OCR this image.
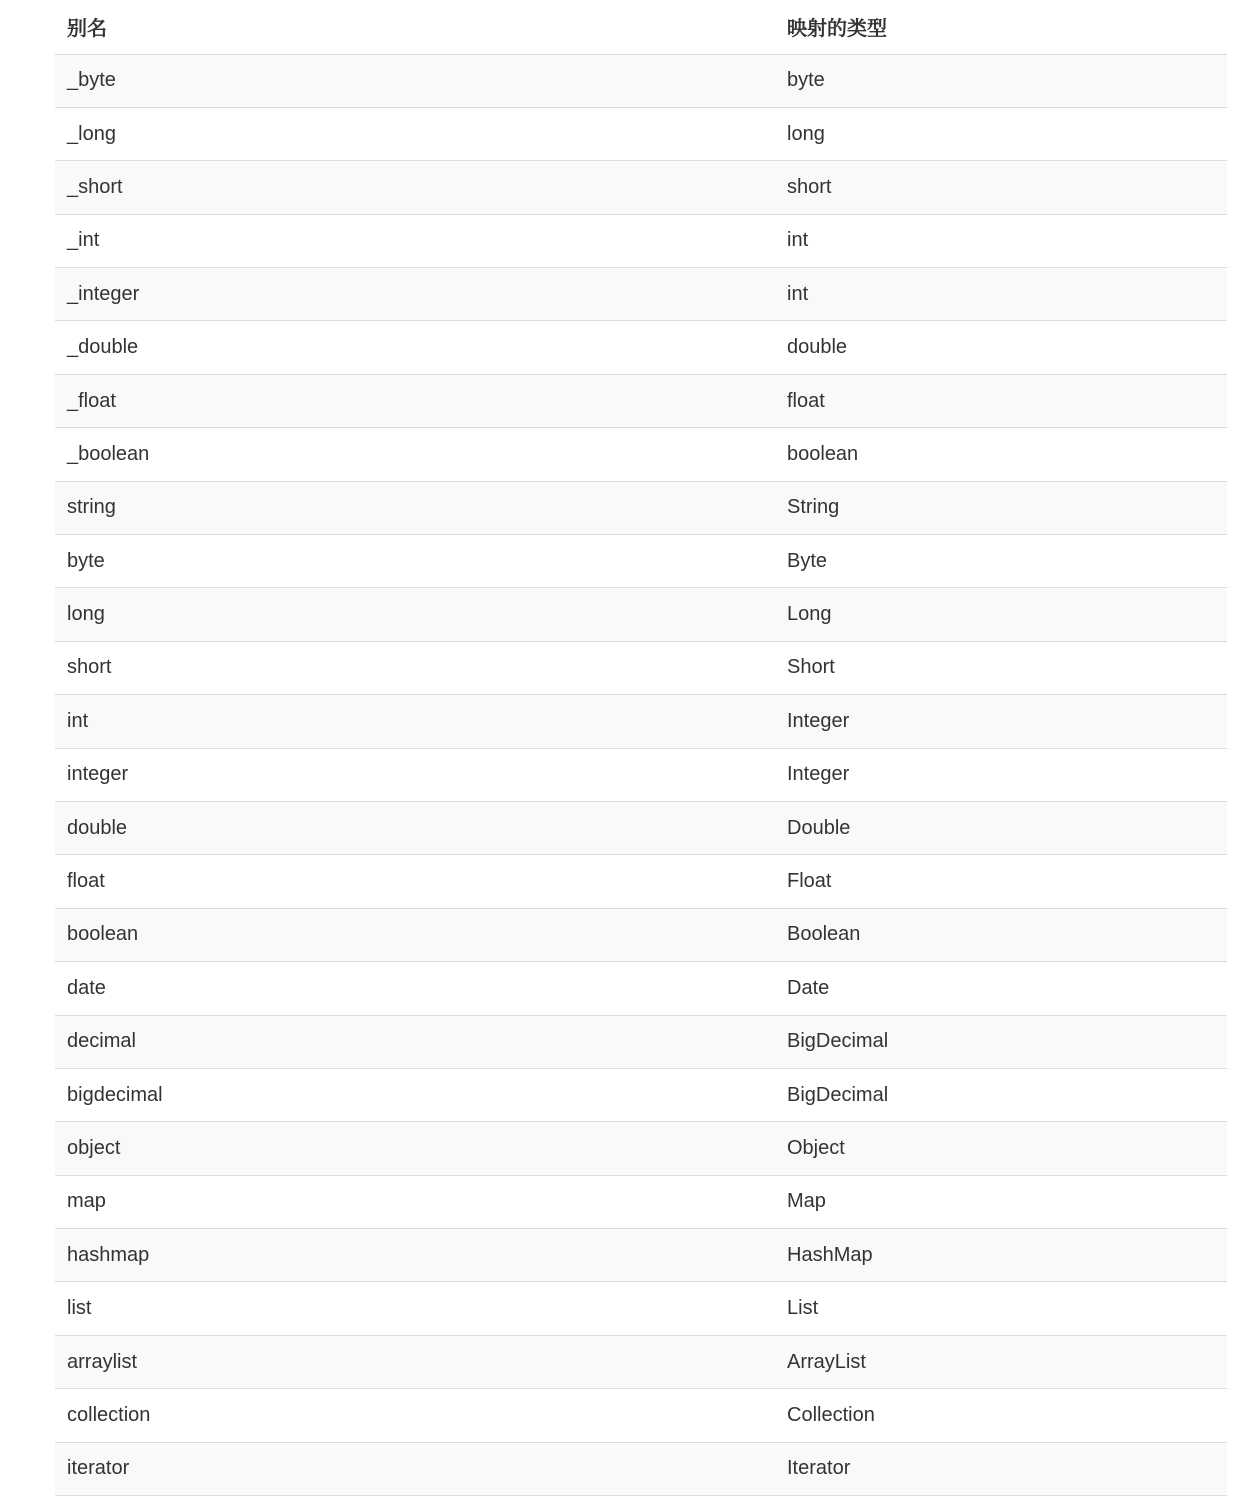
别名	映射的类型
_byte	byte
_long	long
_short	short
_int	int
_integer	int
_double	double
_float	float
_boolean	boolean
string	String
byte	Byte
long	Long
short	Short
int	Integer
integer	Integer
double	Double
float	Float
boolean	Boolean
date	Date
decimal	BigDecimal
bigdecimal	BigDecimal
object	Object
map	Map
hashmap	HashMap
list	List
arraylist	ArrayList
collection	Collection
iterator	Iterator
